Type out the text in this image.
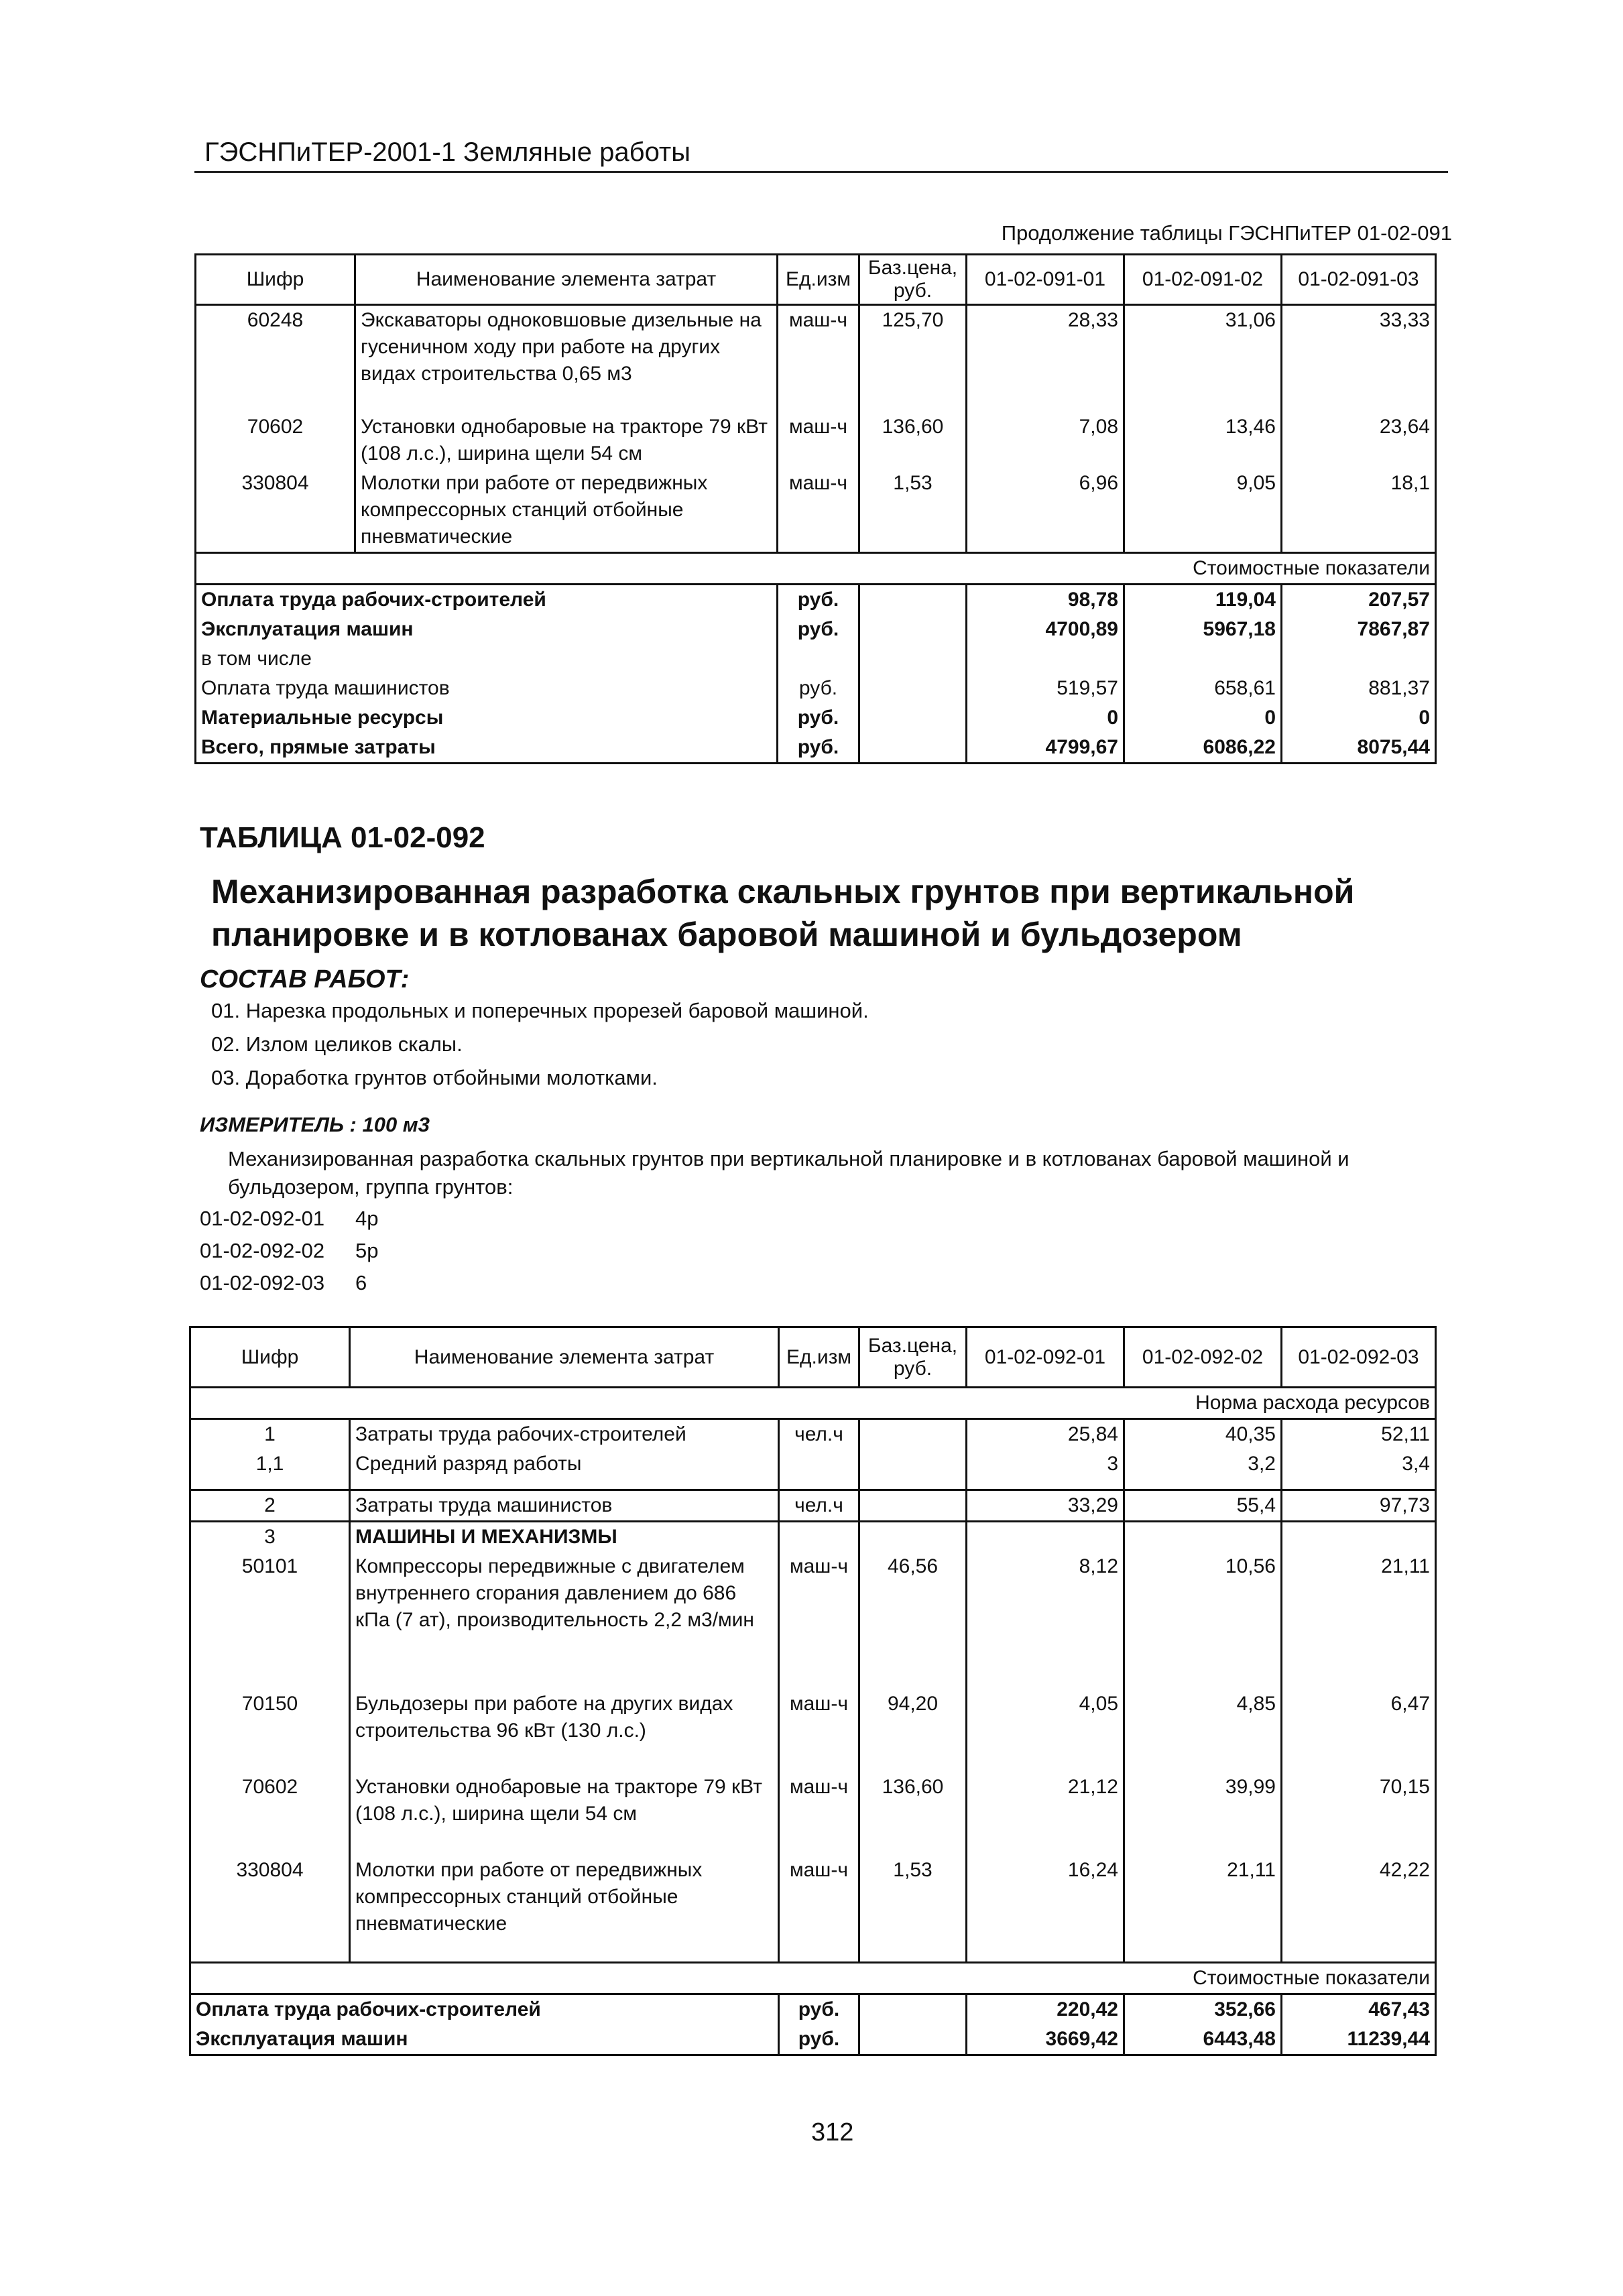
ГЭСНПиТЕР-2001-1 Земляные работы
Продолжение таблицы ГЭСНПиТЕР 01-02-091
Шифр	Наименование элемента затрат	Ед.изм	Баз.цена, руб.	01-02-091-01	01-02-091-02	01-02-091-03
60248	Экскаваторы одноковшовые дизельные на гусеничном ходу при работе на других видах строительства 0,65 м3	маш-ч	125,70	28,33	31,06	33,33
70602	Установки однобаровые на тракторе 79 кВт (108 л.с.), ширина щели 54 см	маш-ч	136,60	7,08	13,46	23,64
330804	Молотки при работе от передвижных компрессорных станций отбойные пневматические	маш-ч	1,53	6,96	9,05	18,1
				Стоимостные показатели		
Оплата труда рабочих-строителей		руб.		98,78	119,04	207,57
Эксплуатация машин		руб.		4700,89	5967,18	7867,87
в том числе						
Оплата труда машинистов		руб.		519,57	658,61	881,37
Материальные ресурсы		руб.		0	0	0
Всего, прямые затраты		руб.		4799,67	6086,22	8075,44
ТАБЛИЦА 01-02-092
Механизированная разработка скальных грунтов при вертикальной планировке и в котлованах баровой машиной и бульдозером
СОСТАВ РАБОТ:
01. Нарезка продольных и поперечных прорезей баровой машиной.
02. Излом целиков скалы.
03. Доработка грунтов отбойными молотками.
ИЗМЕРИТЕЛЬ : 100 м3
Механизированная разработка скальных грунтов при вертикальной планировке и в котлованах баровой машиной и бульдозером, группа грунтов:
01-02-092-01 4р
01-02-092-02 5р
01-02-092-03 6
Шифр	Наименование элемента затрат	Ед.изм	Баз.цена, руб.	01-02-092-01	01-02-092-02	01-02-092-03
				Норма расхода ресурсов		
1	Затраты труда рабочих-строителей	чел.ч		25,84	40,35	52,11
1,1	Средний разряд работы			3	3,2	3,4
2	Затраты труда машинистов	чел.ч		33,29	55,4	97,73
3	МАШИНЫ И МЕХАНИЗМЫ					
50101	Компрессоры передвижные с двигателем внутреннего сгорания давлением до 686 кПа (7 ат), производительность 2,2 м3/мин	маш-ч	46,56	8,12	10,56	21,11
70150	Бульдозеры при работе на других видах строительства 96 кВт (130 л.с.)	маш-ч	94,20	4,05	4,85	6,47
70602	Установки однобаровые на тракторе 79 кВт (108 л.с.), ширина щели 54 см	маш-ч	136,60	21,12	39,99	70,15
330804	Молотки при работе от передвижных компрессорных станций отбойные пневматические	маш-ч	1,53	16,24	21,11	42,22
				Стоимостные показатели		
Оплата труда рабочих-строителей		руб.		220,42	352,66	467,43
Эксплуатация машин		руб.		3669,42	6443,48	11239,44
312
